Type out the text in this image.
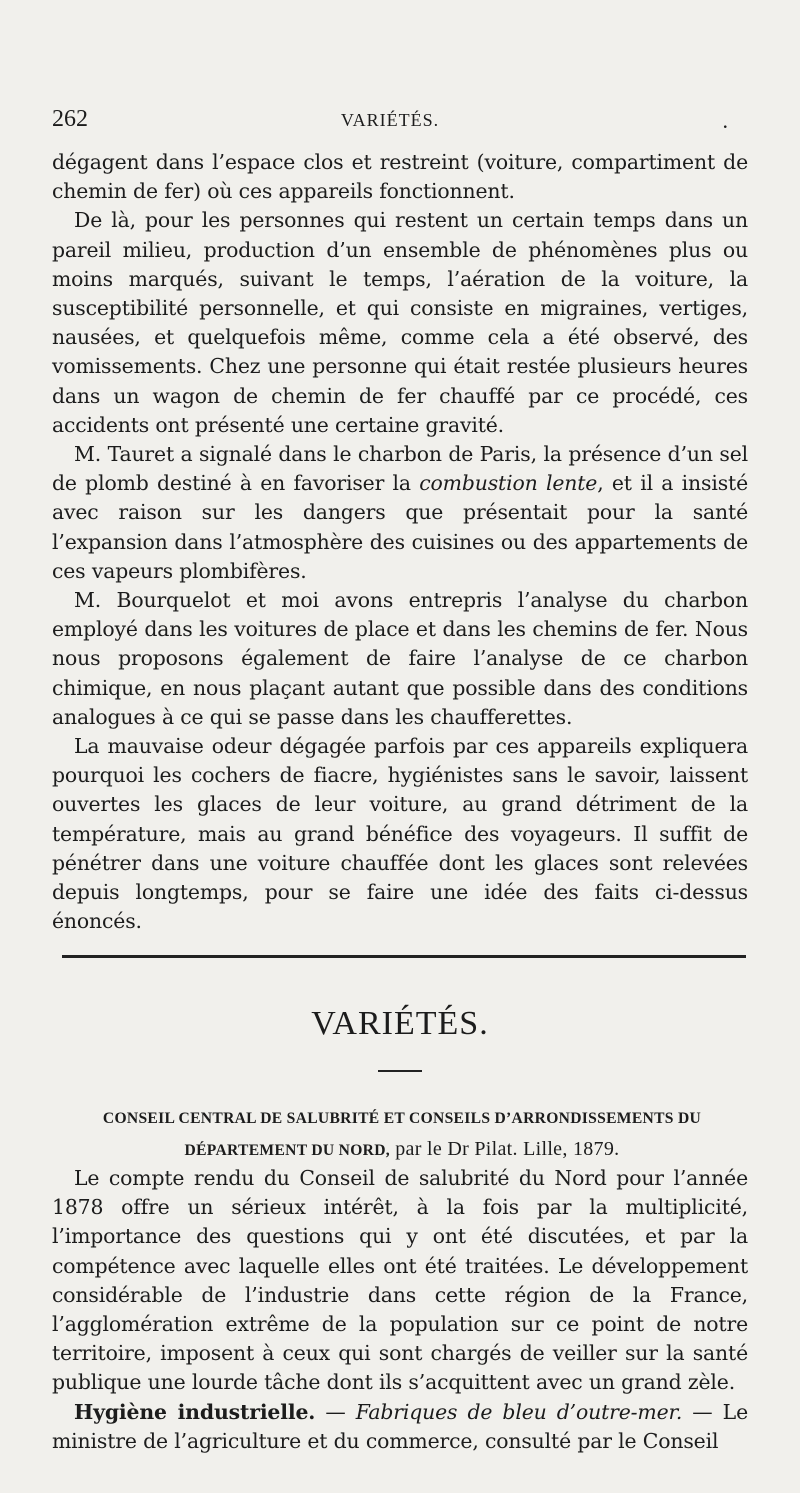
262	VARIÉTÉS.	.

dégagent dans l’espace clos et restreint (voiture, compartiment de chemin de fer) où ces appareils fonctionnent.

De là, pour les personnes qui restent un certain temps dans un pareil milieu, production d’un ensemble de phénomènes plus ou moins marqués, suivant le temps, l’aération de la voiture, la susceptibilité personnelle, et qui consiste en migraines, vertiges, nausées, et quelquefois même, comme cela a été observé, des vomissements. Chez une personne qui était restée plusieurs heures dans un wagon de chemin de fer chauffé par ce procédé, ces accidents ont présenté une certaine gravité.

M. Tauret a signalé dans le charbon de Paris, la présence d’un sel de plomb destiné à en favoriser la combustion lente, et il a insisté avec raison sur les dangers que présentait pour la santé l’expansion dans l’atmosphère des cuisines ou des appartements de ces vapeurs plombifères.

M. Bourquelot et moi avons entrepris l’analyse du charbon employé dans les voitures de place et dans les chemins de fer. Nous nous proposons également de faire l’analyse de ce charbon chimique, en nous plaçant autant que possible dans des conditions analogues à ce qui se passe dans les chaufferettes.

La mauvaise odeur dégagée parfois par ces appareils expliquera pourquoi les cochers de fiacre, hygiénistes sans le savoir, laissent ouvertes les glaces de leur voiture, au grand détriment de la température, mais au grand bénéfice des voyageurs. Il suffit de pénétrer dans une voiture chauffée dont les glaces sont relevées depuis longtemps, pour se faire une idée des faits ci-dessus énoncés.

VARIÉTÉS.
CONSEIL CENTRAL DE SALUBRITÉ ET CONSEILS D’ARRONDISSEMENTS DU
DÉPARTEMENT DU NORD, par le Dr Pilat. Lille, 1879.

Le compte rendu du Conseil de salubrité du Nord pour l’année 1878 offre un sérieux intérêt, à la fois par la multiplicité, l’importance des questions qui y ont été discutées, et par la compétence avec laquelle elles ont été traitées. Le développement considérable de l’industrie dans cette région de la France, l’agglomération extrême de la population sur ce point de notre territoire, imposent à ceux qui sont chargés de veiller sur la santé publique une lourde tâche dont ils s’acquittent avec un grand zèle.

Hygiène industrielle. — Fabriques de bleu d’outre-mer. — Le ministre de l’agriculture et du commerce, consulté par le Conseil
